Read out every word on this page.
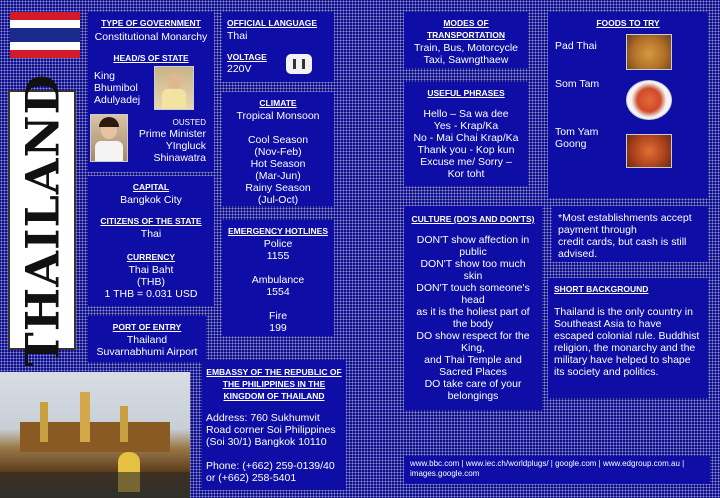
THAILAND
TYPE OF GOVERNMENT
Constitutional Monarchy
HEAD/S OF STATE
King
Bhumibol
Adulyadej
OUSTED
Prime Minister
YIngluck
Shinawatra
CAPITAL
Bangkok City
CITIZENS OF THE STATE
Thai
CURRENCY
Thai Baht
(THB)
1 THB = 0.031 USD
PORT OF ENTRY
Thailand
Suvarnabhumi Airport
OFFICIAL LANGUAGE
Thai
VOLTAGE
220V
CLIMATE
Tropical Monsoon

Cool Season
(Nov-Feb)
Hot Season
(Mar-Jun)
Rainy Season
(Jul-Oct)
EMERGENCY HOTLINES
Police
1155

Ambulance
1554

Fire
199
EMBASSY OF THE REPUBLIC OF THE PHILIPPINES IN THE KINGDOM OF THAILAND
Address: 760 Sukhumvit
Road corner Soi Philippines
(Soi 30/1) Bangkok 10110

Phone: (+662) 259-0139/40
or (+662) 258-5401
MODES OF TRANSPORTATION
Train, Bus, Motorcycle
Taxi, Sawngthaew
USEFUL PHRASES
Hello – Sa wa dee
Yes - Krap/Ka
No - Mai Chai Krap/Ka
Thank you - Kop kun
Excuse me/ Sorry –
Kor toht
CULTURE (DO'S AND DON'TS)
DON'T show affection in public
DON'T show too much skin
DON'T touch someone's head
as it is the holiest part of the body
DO show respect for the King,
and Thai Temple and Sacred Places
DO take care of your belongings
FOODS TO TRY
Pad Thai
Som Tam
Tom Yam
Goong
*Most establishments accept payment through
credit cards, but cash is still advised.
SHORT BACKGROUND
Thailand is the only country in Southeast Asia to have escaped colonial rule. Buddhist religion, the monarchy and the military have helped to shape its society and politics.
www.bbc.com | www.iec.ch/worldplugs/ | google.com | www.edgroup.com.au | images.google.com
